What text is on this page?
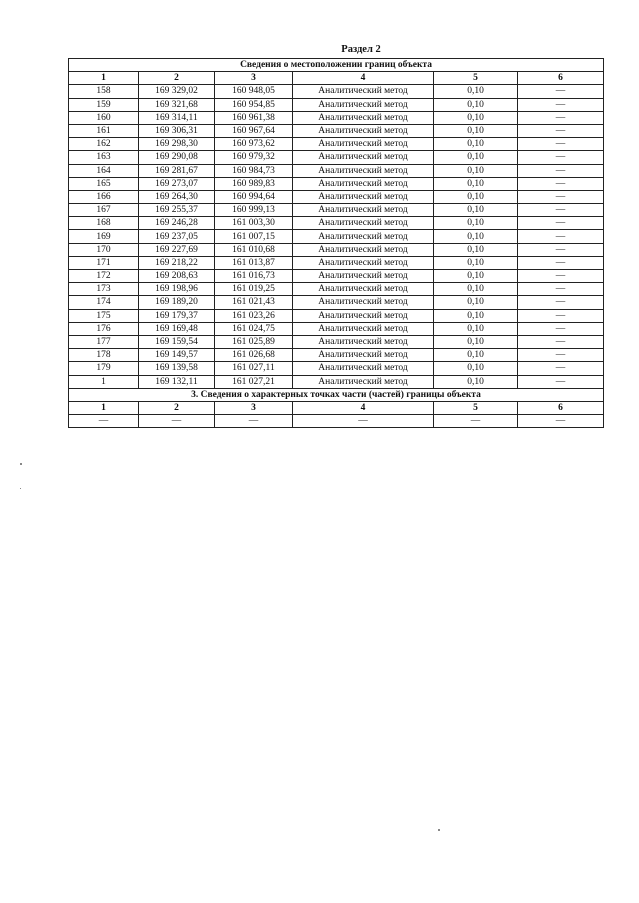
Раздел 2
Сведения о местоположении границ объекта					
1	2	3	4	5	6
158	169 329,02	160 948,05	Аналитический метод	0,10	—
159	169 321,68	160 954,85	Аналитический метод	0,10	—
160	169 314,11	160 961,38	Аналитический метод	0,10	—
161	169 306,31	160 967,64	Аналитический метод	0,10	—
162	169 298,30	160 973,62	Аналитический метод	0,10	—
163	169 290,08	160 979,32	Аналитический метод	0,10	—
164	169 281,67	160 984,73	Аналитический метод	0,10	—
165	169 273,07	160 989,83	Аналитический метод	0,10	—
166	169 264,30	160 994,64	Аналитический метод	0,10	—
167	169 255,37	160 999,13	Аналитический метод	0,10	—
168	169 246,28	161 003,30	Аналитический метод	0,10	—
169	169 237,05	161 007,15	Аналитический метод	0,10	—
170	169 227,69	161 010,68	Аналитический метод	0,10	—
171	169 218,22	161 013,87	Аналитический метод	0,10	—
172	169 208,63	161 016,73	Аналитический метод	0,10	—
173	169 198,96	161 019,25	Аналитический метод	0,10	—
174	169 189,20	161 021,43	Аналитический метод	0,10	—
175	169 179,37	161 023,26	Аналитический метод	0,10	—
176	169 169,48	161 024,75	Аналитический метод	0,10	—
177	169 159,54	161 025,89	Аналитический метод	0,10	—
178	169 149,57	161 026,68	Аналитический метод	0,10	—
179	169 139,58	161 027,11	Аналитический метод	0,10	—
1	169 132,11	161 027,21	Аналитический метод	0,10	—
3. Сведения о характерных точках части (частей) границы объекта					
1	2	3	4	5	6
—	—	—	—	—	—
